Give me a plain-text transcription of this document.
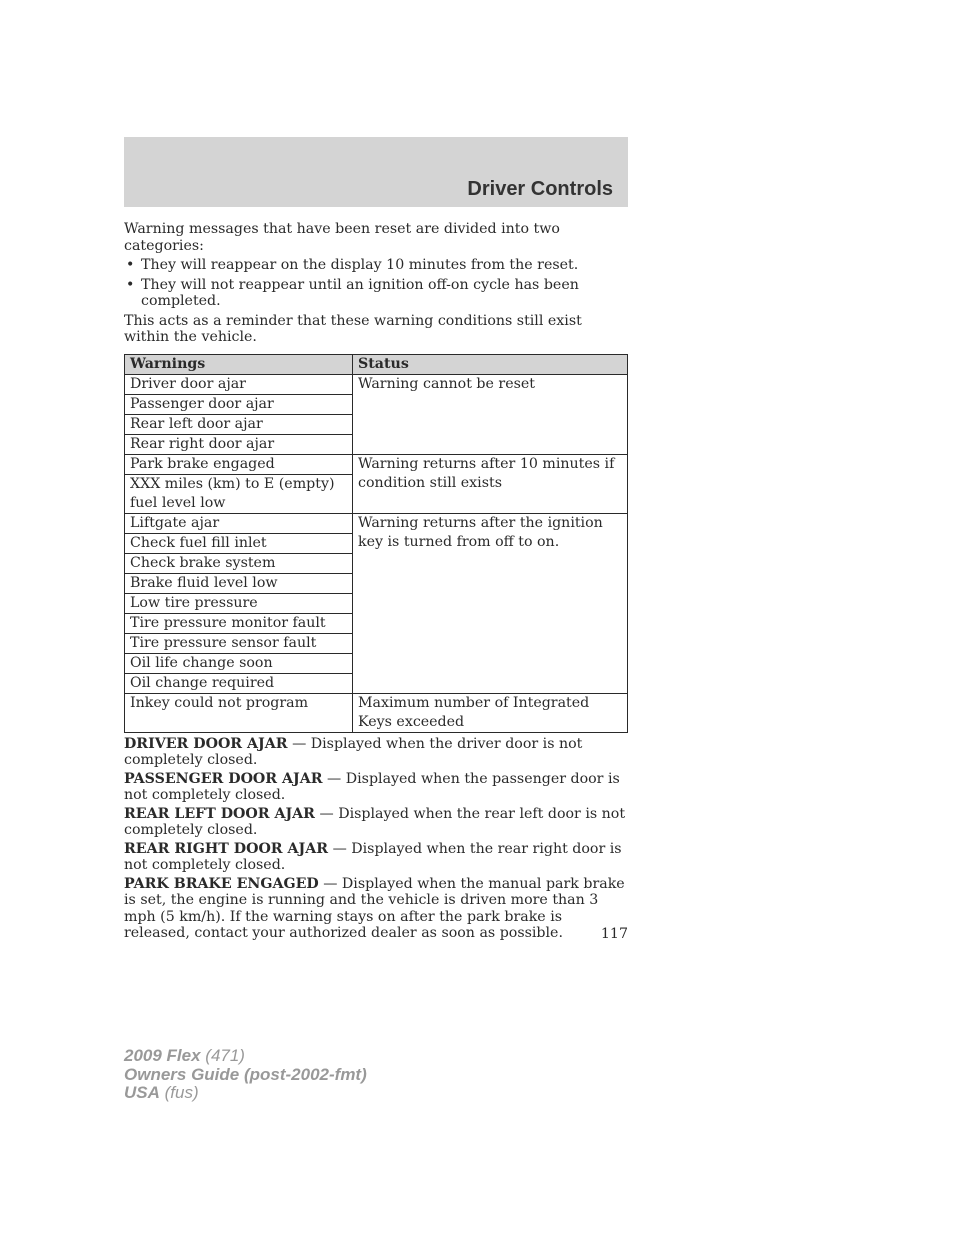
Driver Controls

Warning messages that have been reset are divided into two categories:

• They will reappear on the display 10 minutes from the reset.
• They will not reappear until an ignition off-on cycle has been completed.

This acts as a reminder that these warning conditions still exist within the vehicle.

Warnings	Status
Driver door ajar	Warning cannot be reset
Passenger door ajar	
Rear left door ajar	
Rear right door ajar	
Park brake engaged	Warning returns after 10 minutes if condition still exists
XXX miles (km) to E (empty) fuel level low	
Liftgate ajar	Warning returns after the ignition key is turned from off to on.
Check fuel fill inlet	
Check brake system	
Brake fluid level low	
Low tire pressure	
Tire pressure monitor fault	
Tire pressure sensor fault	
Oil life change soon	
Oil change required	
Inkey could not program	Maximum number of Integrated Keys exceeded

DRIVER DOOR AJAR — Displayed when the driver door is not completely closed.

PASSENGER DOOR AJAR — Displayed when the passenger door is not completely closed.

REAR LEFT DOOR AJAR — Displayed when the rear left door is not completely closed.

REAR RIGHT DOOR AJAR — Displayed when the rear right door is not completely closed.

PARK BRAKE ENGAGED — Displayed when the manual park brake is set, the engine is running and the vehicle is driven more than 3 mph (5 km/h). If the warning stays on after the park brake is released, contact your authorized dealer as soon as possible.	117
2009 Flex (471)
Owners Guide (post-2002-fmt)
USA (fus)
